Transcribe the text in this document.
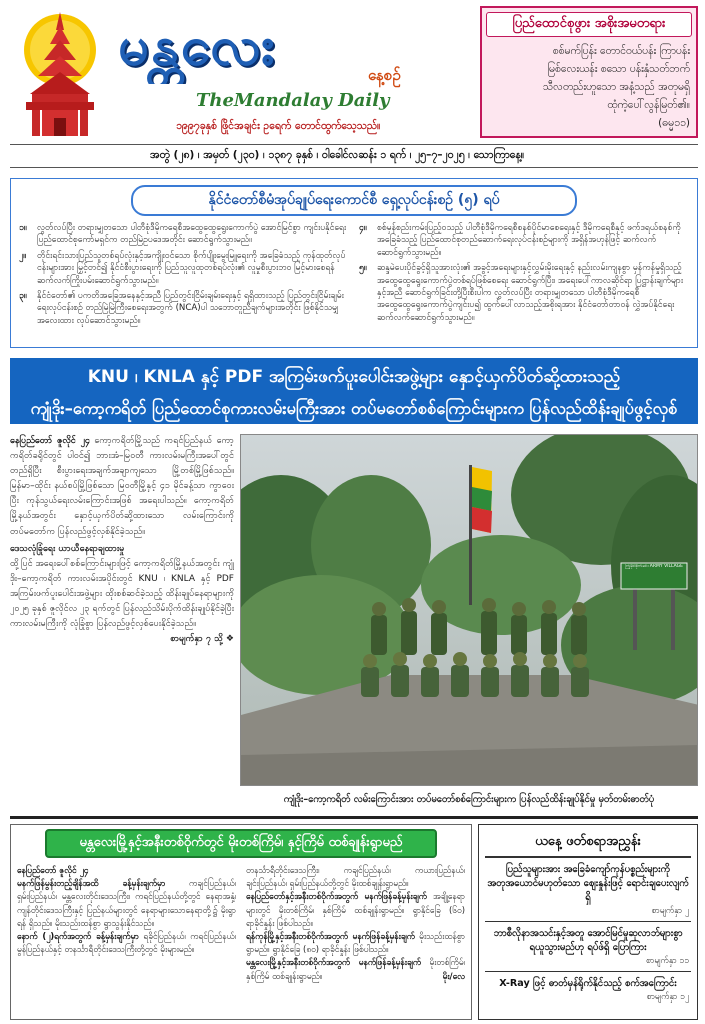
မန္တလေး	နေ့စဉ်
TheMandalay Daily
၁၉၉၇ခုနှစ် ဖြိုင်အချင်း ဥရေက် တောင်ထွက်သေ့သည်။
ပြည်ထောင်စုဖွား အစိုးအမတရား
စစ်မက်ပြန်း တောင်ဝယ်ပန်း ကြာပန်း
မြစ်လေးယန်း စသော ပန်းနှံသတ်ဘက်
သီလတည်းဟူသော အနံ့သည် အတုမရှိ
ထုံကဲ့ပေါ်လွန်မြတ်၏။
(ဓမ္မ၁၁)
အတွဲ (၂၈) ၊ အမှတ် (၂၃၀) ၊ ၁၃၈၇ ခုနှစ် ၊ ဝါခေါင်လဆန်း ၁ ရက် ၊ ၂၅–၇–၂၀၂၅ ၊ သောကြာနေ့။
နိုင်ငံတော်စီမံအုပ်ချုပ်ရေးကောင်စီ ရှေ့လုပ်ငန်းစဉ် (၅) ရပ်
၁။	လွတ်လပ်ပြီး တရားမျှတသော ပါတီစုံဒီမိုကရေစီအထွေထွေရွေးကောက်ပွဲ အောင်မြင်စွာ ကျင်းပနိုင်ရေး ပြည်ထောင်စုကော်မရှင်က တည်မြဲဥပဒေအတိုင်း ဆောင်ရွက်သွားမည်။
၂။	တိုင်းရင်းသားပြည်သူတစ်ရပ်လုံးနှင့်အကျိုးဝင်သော စိုက်ပျိုးမွေးမြူရေးကို အခြေခံသည့် ကုန်ထုတ်လုပ်ငန်းများအား မြှင့်တင်၍ နိုင်ငံစီးပွားရေးကို ပြည်သူလူထုတစ်ရပ်လုံး၏ လူမှုစီးပွားဘဝ မြင့်မားစေရန် ဆက်လက်ကြိုးပမ်းဆောင်ရွက်သွားမည်။
၃။	နိုင်ငံတော်၏ ပကတိအခြေအနေနှင့်အညီ ပြည်တွင်းငြိမ်းချမ်းရေးနှင့် ရရှိထားသည့် ပြည်တွင်းငြိမ်းချမ်းရေးလုပ်ငန်းစဉ် တည်မြဲမြဲကြီးစေရေးအတွက် (NCA)ပါ သဘောတူညီချက်များအတိုင်း ဖြစ်နိုင်သမျှ အလေးထား လုပ်ဆောင်သွားမည်။
၄။	စစ်မှန်စည်းကမ်းပြည့်ဝသည့် ပါတီစုံဒီမိုကရေစီစနစ်ပိုင်မာစေရေးနှင့် ဒီမိုကရေစီနှင့် ဖက်ဒရယ်စနစ်ကို အခြေခံသည့် ပြည်ထောင်စုတည်ဆောက်ရေးလုပ်ငန်းစဉ်များကို အရှိန်အဟုန်ဖြင့် ဆက်လက်ဆောင်ရွက်သွားမည်။
၅။	ဆန္ဒမဲပေးပိုင်ခွင့်ရှိသူအားလုံး၏ အခွင့်အရေးများနှင့်လွှမ်းမိုးရေးနှင့် နည်းလမ်းကျနစွာ မှန်ကန်မှုရှိသည့် အထွေထွေရွေးကောက်ပွဲတစ်ရပ်ဖြစ်စေရေး ဆောင်ရွက်ပြီး၊ အရေးပေါ်ကာလဆိုင်ရာ ပြဋ္ဌာန်းချက်များနှင့်အညီ ဆောင်ရွက်ခြင်းတို့ပြီးစီးပါက လွှတ်လပ်ပြီး တရားမျှတသော ပါတီစုံဒီမိုကရေစီ အထွေထွေရွေးကောက်ပွဲကျင်းပ၍ ထွက်ပေါ်လာသည့်အစိုးရအား နိုင်ငံတော်တာဝန် လွှဲအပ်နိုင်ရေး ဆက်လက်ဆောင်ရွက်သွားမည်။
KNU ၊ KNLA နှင့် PDF အကြမ်းဖက်ပူးပေါင်းအဖွဲ့များ နှောင့်ယှက်ပိတ်ဆို့ထားသည့်
ကျုံဒိုး–ကော့ကရိတ် ပြည်ထောင်စုကားလမ်းမကြီးအား တပ်မတော်စစ်ကြောင်းများက ပြန်လည်ထိန်းချုပ်ဖွင့်လှစ်
နေပြည်တော် ဇူလိုင် ၂၄ ကော့ကရိတ်မြို့သည် ကရင်ပြည်နယ် ကော့ကရိတ်ခရိုင်တွင် ပါဝင်၍ ဘားအံ–မြဝတီ ကားလမ်းမကြီးအပေါ်တွင် တည်ရှိပြီး စီးပွားရေးအချက်အချာကျသော မြို့တစ်မြို့ဖြစ်သည်။ မြန်မာ–ထိုင်း နယ်စပ်မြို့ဖြစ်သော မြဝတီမြို့နှင့် ၄၁ မိုင်ခန့်သာ ကွာဝေးပြီး ကုန်သွယ်ရေးလမ်းကြောင်းအဖြစ် အရေးပါသည်။ ကော့ကရိတ်မြို့နယ်အတွင်း နှောင့်ယှက်ပိတ်ဆို့ထားသော လမ်းကြောင်းကို တပ်မတော်က ပြန်လည်ဖွင့်လှစ်နိုင်ခဲ့သည်။
ဒေသလုံခြုံရေး ယာယီနေရာချထားမှု
ထို့ပြင် အရေးပေါ်စစ်ကြောင်းများဖြင့် ကော့ကရိတ်မြို့နယ်အတွင်း ကျုံဒိုး–ကော့ကရိတ် ကားလမ်းအပိုင်းတွင် KNU ၊ KNLA နှင့် PDF အကြမ်းဖက်ပူးပေါင်းအဖွဲ့များ ထိုးစစ်ဆင်ခဲ့သည့် ထိန်းချုပ်နေရာများကို ၂၀၂၅ ခုနှစ် ဇူလိုင်လ ၂၃ ရက်တွင် ပြန်လည်သိမ်းပိုက်ထိန်းချုပ်နိုင်ခဲ့ပြီး ကားလမ်းမကြီးကို လုံခြုံစွာ ပြန်လည်ဖွင့်လှစ်ပေးနိုင်ခဲ့သည်။
စာမျက်နှာ ၇ သို့ ❖
ကြံ့ခိုင်စိုက်ခင်း ARMY VILLAGE
ကျုံဒိုး–ကော့ကရိတ် လမ်းကြောင်းအား တပ်မတော်စစ်ကြောင်းများက ပြန်လည်ထိန်းချုပ်နိုင်မှု မှတ်တမ်းဓာတ်ပုံ
မန္တလေးမြို့နှင့်အနီးတစ်ဝိုက်တွင် မိုးတစ်ကြိမ်၊ နှင့်ကြိမ် ထစ်ချုန်းရွာမည်
နေပြည်တော် ဇူလိုင် ၂၄
မနက်ဖြန်မွန်းတည့်ချိန်အထိ ခန့်မှန်းချက်မှာ	ကချင်ပြည်နယ်၊ ရှမ်းပြည်နယ်၊ မန္တလေးတိုင်းဒေသကြီး၊ ကရင်ပြည်နယ်တို့တွင် နေရာအနှံ့၊ ကျန်တိုင်းဒေသကြီးနှင့် ပြည်နယ်များတွင် နေရာများသောနေရာတို့၌ မိုးရွာရန် ရှိသည်။ မိုးသည်းထန်စွာ ရွာသွန်းနိုင်သည်။
နောက် (၂)ရက်အတွက် ခန့်မှန်းချက်မှာ ရခိုင်ပြည်နယ်၊ ကရင်ပြည်နယ်၊ မွန်ပြည်နယ်နှင့် တနင်္သာရီတိုင်းဒေသကြီးတို့တွင် မိုးများမည်။
တနင်္သာရီတိုင်းဒေသကြီး၊ ကချင်ပြည်နယ်၊ ကယားပြည်နယ်၊ ချင်းပြည်နယ်၊ ရှမ်းပြည်နယ်တို့တွင် မိုးထစ်ချုန်းရွာမည်။
နေပြည်တော်နှင့်အနီးတစ်ဝိုက်အတွက် မနက်ဖြန်ခန့်မှန်းချက် အချို့နေရာများတွင် မိုးတစ်ကြိမ်၊ နှစ်ကြိမ် ထစ်ချုန်းရွာမည်။ ရွာနိုင်ခြေ (၆၀) ရာခိုင်နှုန်း ဖြစ်ပါသည်။
ရန်ကုန်မြို့နှင့်အနီးတစ်ဝိုက်အတွက် မနက်ဖြန်ခန့်မှန်းချက် မိုးသည်းထန်စွာ ရွာမည်။ ရွာနိုင်ခြေ (၈၀) ရာခိုင်နှုန်း ဖြစ်ပါသည်။
မန္တလေးမြို့နှင့်အနီးတစ်ဝိုက်အတွက် မနက်ဖြန်ခန့်မှန်းချက် မိုးတစ်ကြိမ်၊ နှစ်ကြိမ် ထစ်ချုန်းရွာမည်။	မိုး/လေ
ယနေ့ ဖတ်စရာအညွှန်း
ပြည်သူများအား အခြေခံကျော်ကုန်ပစ္စည်းများကို အတုအယောင်မဟုတ်သော စျေးနှုန်းဖြင့် ရောင်းချပေးလျက်ရှိ
စာမျက်နှာ ၂
ဘာစီလိုနာအသင်းနှင့်အတူ အောင်မြင်မှုဆုလာဘ်များစွာ ရယူသွားမည်ဟု ရပ်ဖ်ရှိ ပြောကြား
စာမျက်နှာ ၁၁
X-Ray ဖြင့် ဓာတ်မှန်ရိုက်နိုင်သည့် စက်အကြောင်း
စာမျက်နှာ ၁၂
